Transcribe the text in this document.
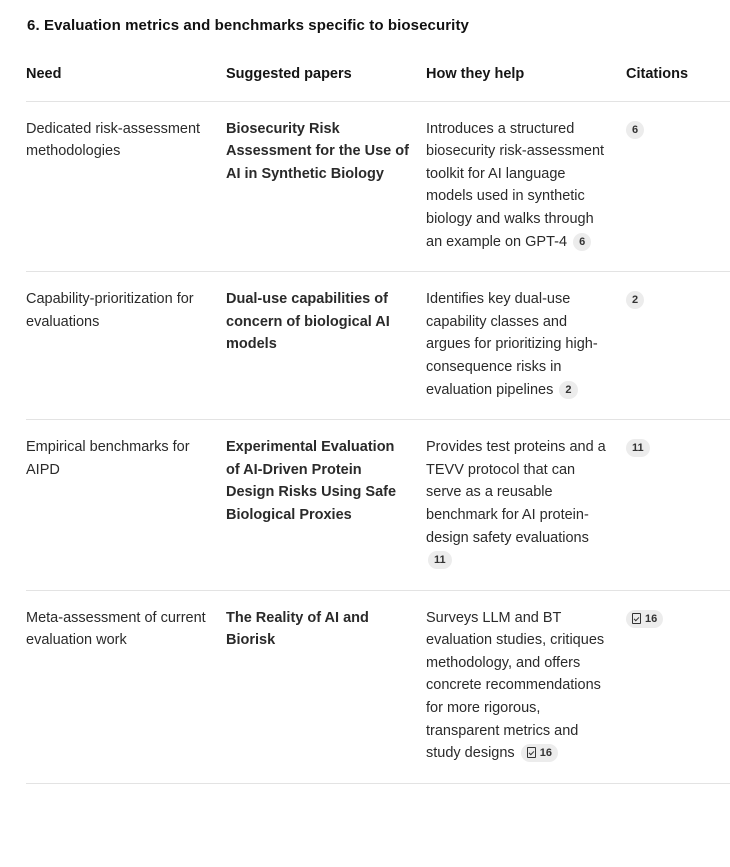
6. Evaluation metrics and benchmarks specific to biosecurity
Need	Suggested papers	How they help	Citations
Dedicated risk-assessment methodologies	Biosecurity Risk Assessment for the Use of AI in Synthetic Biology	Introduces a structured biosecurity risk-assessment toolkit for AI language models used in synthetic biology and walks through an example on GPT-4 6	6
Capability-prioritization for evaluations	Dual-use capabilities of concern of biological AI models	Identifies key dual-use capability classes and argues for prioritizing high-consequence risks in evaluation pipelines 2	2
Empirical benchmarks for AIPD	Experimental Evaluation of AI-Driven Protein Design Risks Using Safe Biological Proxies	Provides test proteins and a TEVV protocol that can serve as a reusable benchmark for AI protein-design safety evaluations 11	11
Meta-assessment of current evaluation work	The Reality of AI and Biorisk	Surveys LLM and BT evaluation studies, critiques methodology, and offers concrete recommendations for more rigorous, transparent metrics and study designs 16	16
